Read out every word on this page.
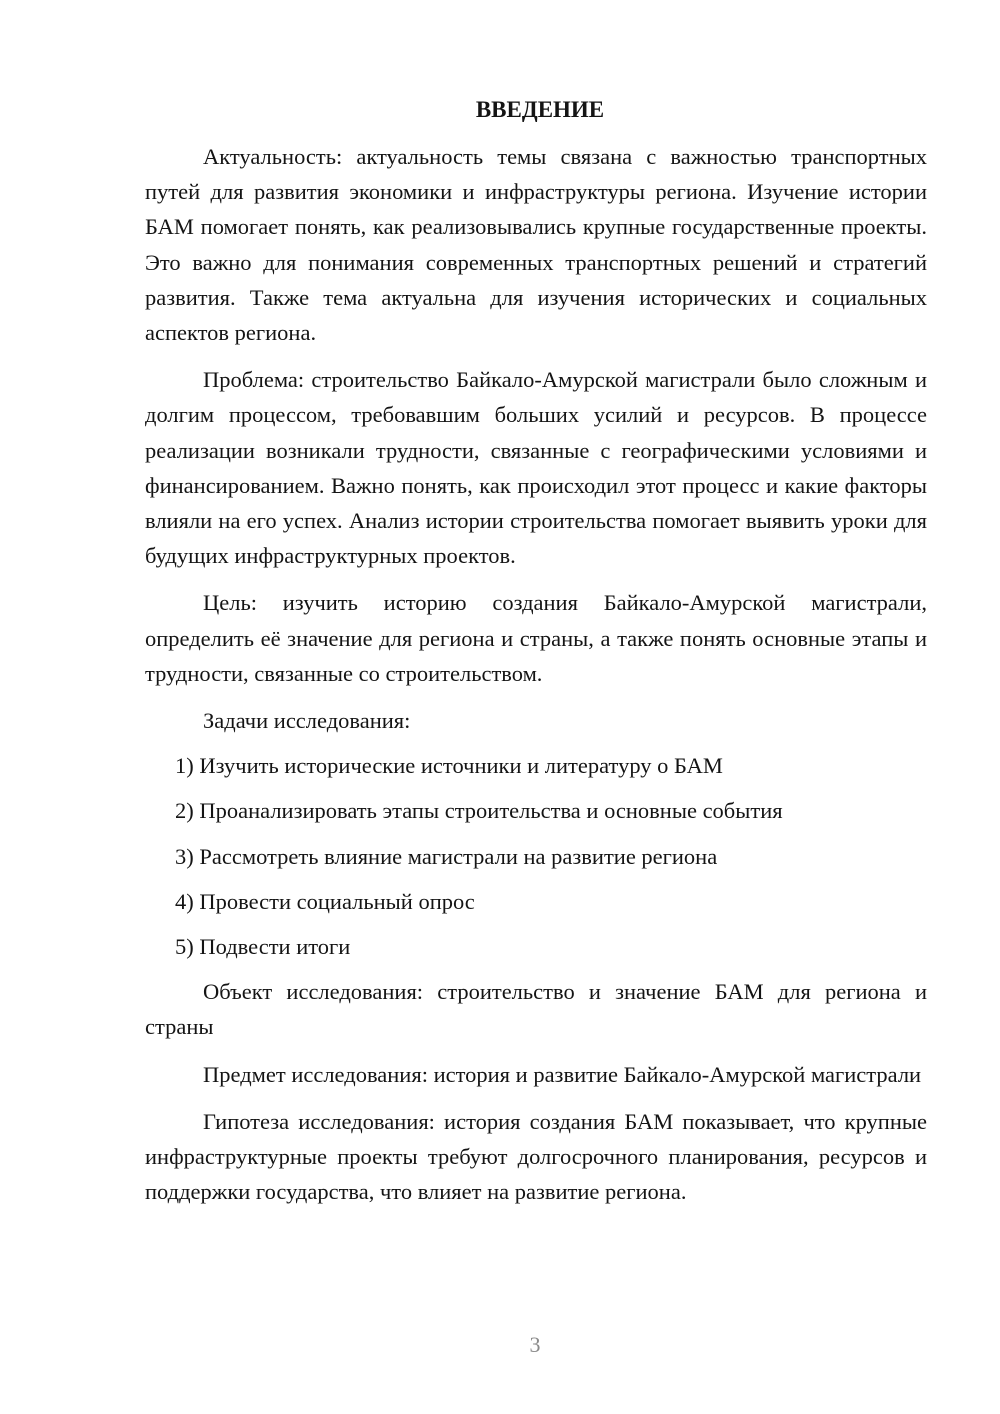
ВВЕДЕНИЕ

Актуальность: актуальность темы связана с важностью транспортных путей для развития экономики и инфраструктуры региона. Изучение истории БАМ помогает понять, как реализовывались крупные государственные проекты. Это важно для понимания современных транспортных решений и стратегий развития. Также тема актуальна для изучения исторических и социальных аспектов региона.

Проблема: строительство Байкало-Амурской магистрали было сложным и долгим процессом, требовавшим больших усилий и ресурсов. В процессе реализации возникали трудности, связанные с географическими условиями и финансированием. Важно понять, как происходил этот процесс и какие факторы влияли на его успех. Анализ истории строительства помогает выявить уроки для будущих инфраструктурных проектов.

Цель: изучить историю создания Байкало-Амурской магистрали, определить её значение для региона и страны, а также понять основные этапы и трудности, связанные со строительством.

Задачи исследования:

1) Изучить исторические источники и литературу о БАМ

2) Проанализировать этапы строительства и основные события

3) Рассмотреть влияние магистрали на развитие региона

4) Провести социальный опрос

5) Подвести итоги

Объект исследования: строительство и значение БАМ для региона и страны

Предмет исследования: история и развитие Байкало-Амурской магистрали

Гипотеза исследования: история создания БАМ показывает, что крупные инфраструктурные проекты требуют долгосрочного планирования, ресурсов и поддержки государства, что влияет на развитие региона.

3
